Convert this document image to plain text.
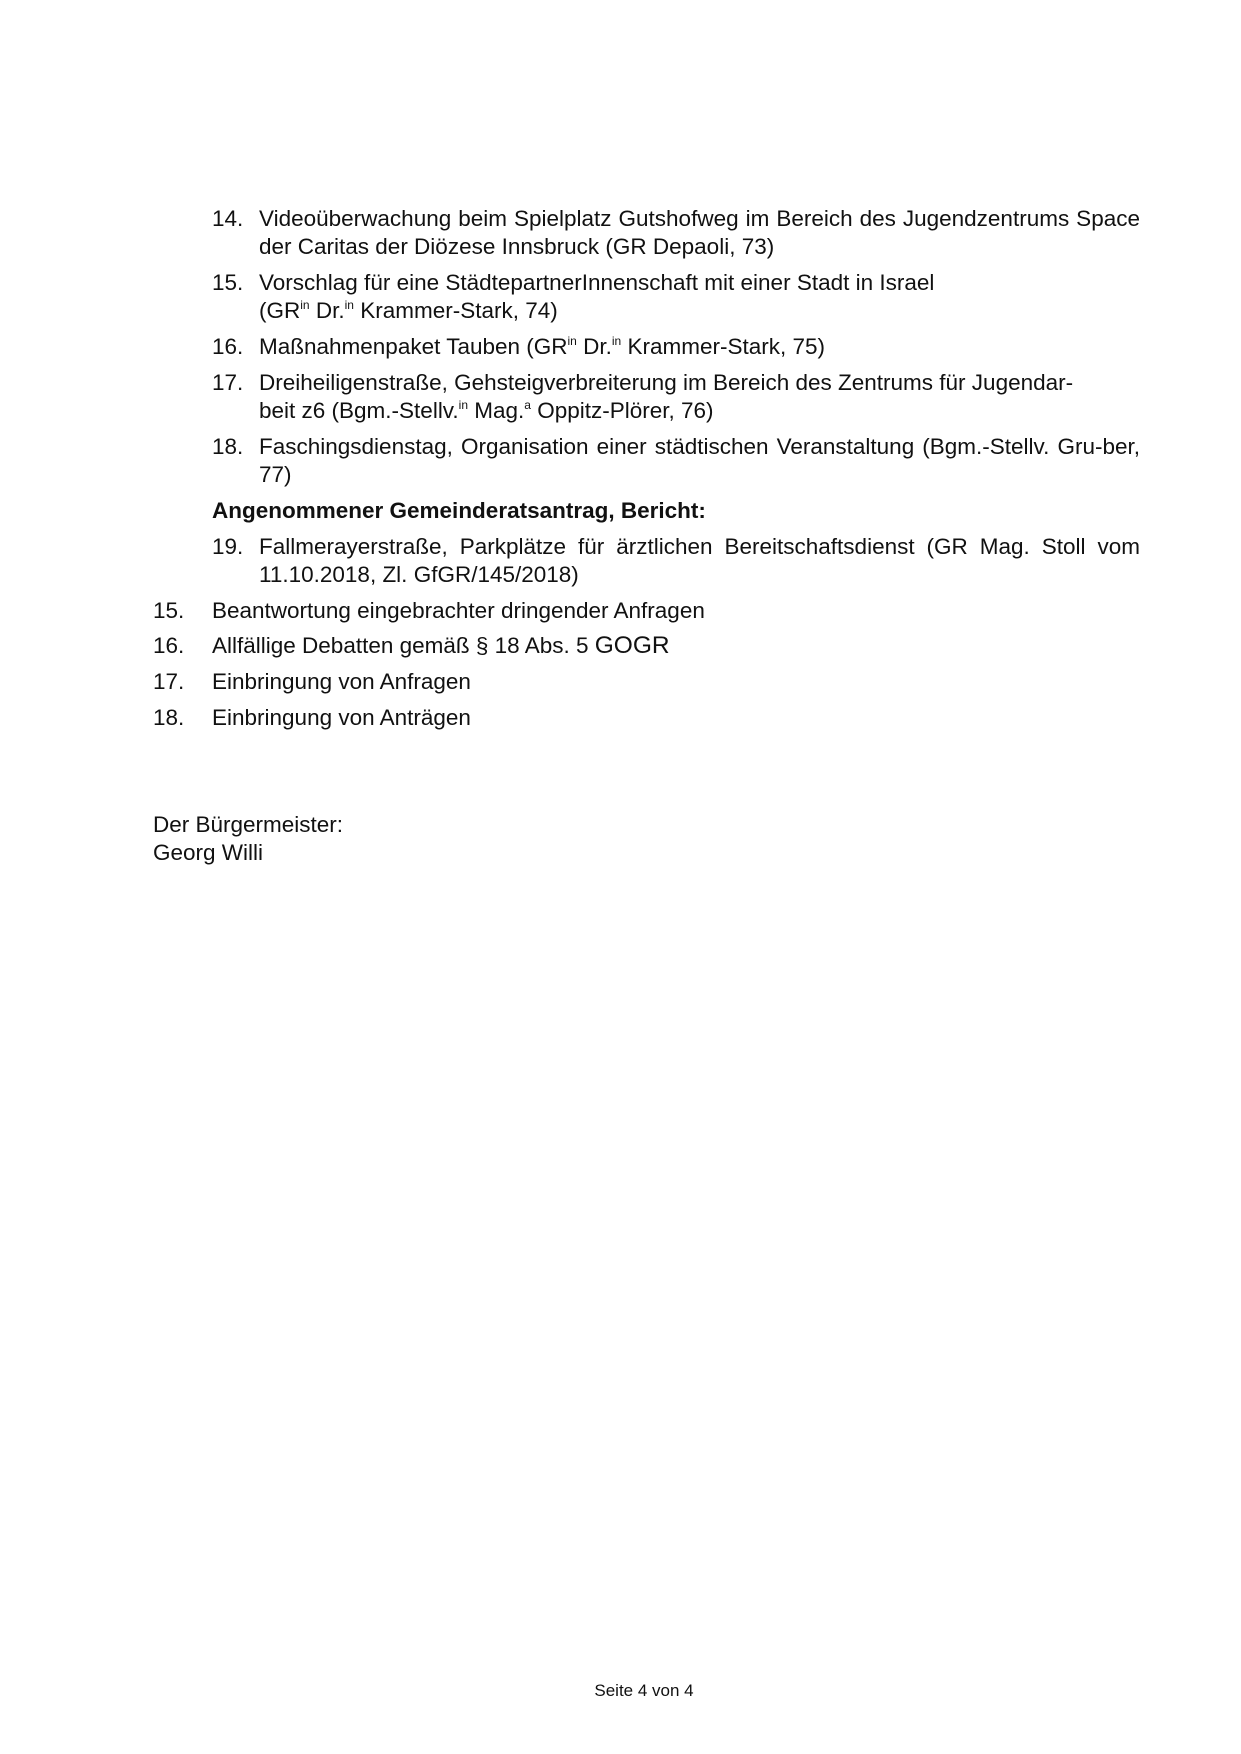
14. Videoüberwachung beim Spielplatz Gutshofweg im Bereich des Jugendzentrums Space der Caritas der Diözese Innsbruck (GR Depaoli, 73)
15. Vorschlag für eine StädtepartnerInnenschaft mit einer Stadt in Israel
($GR^{in}$ Dr.$^{in}$ Krammer-Stark, 74)
16. Maßnahmenpaket Tauben ($GR^{in}$ Dr.$^{in}$ Krammer-Stark, 75)
17. Dreiheiligenstraße, Gehsteigverbreiterung im Bereich des Zentrums für Jugendar-
beit z6 (Bgm.-Stellv.$^{in}$ Mag.$^a$ Oppitz-Plörer, 76)
18. Faschingsdienstag, Organisation einer städtischen Veranstaltung (Bgm.-Stellv. Gru-ber, 77)
Angenommener Gemeinderatsantrag, Bericht:
19. Fallmerayerstraße, Parkplätze für ärztlichen Bereitschaftsdienst (GR Mag. Stoll vom 11.10.2018, Zl. GfGR/145/2018)
15.	Beantwortung eingebrachter dringender Anfragen
16.	Allfällige Debatten gemäß § 18 Abs. 5 GOGR
17.	Einbringung von Anfragen
18.	Einbringung von Anträgen
Der Bürgermeister:
Georg Willi
Seite 4 von 4
